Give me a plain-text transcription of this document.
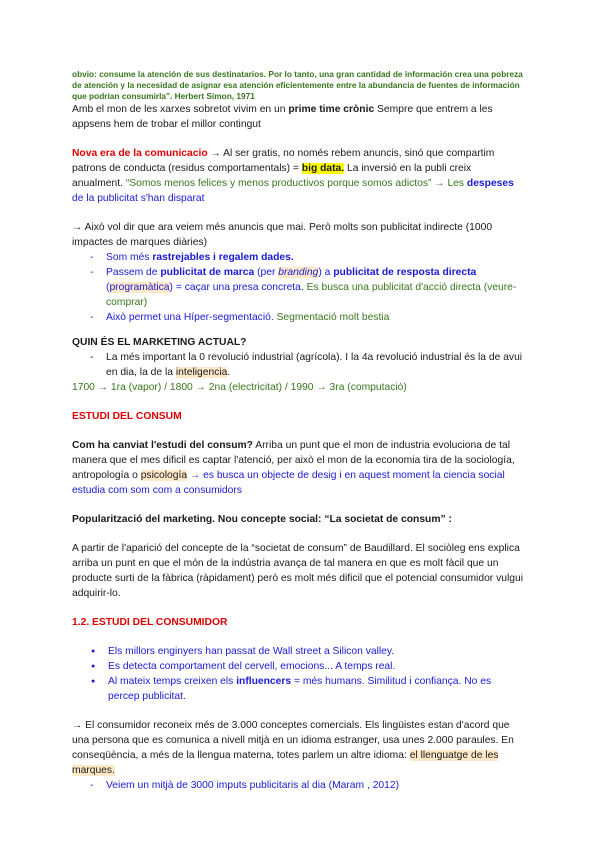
obvio: consume la atención de sus destinatarios. Por lo tanto, una gran cantidad de información crea una pobreza de atención y la necesidad de asignar esa atención eficientemente entre la abundancia de fuentes de información que podrían consumirla". Herbert Simon, 1971

Amb el mon de les xarxes sobretot vivim en un prime time crònic Sempre que entrem a les appsens hem de trobar el millor contingut

Nova era de la comunicacio → Al ser gratis, no només rebem anuncis, sinó que compartim patrons de conducta (residus comportamentals) = big data. La inversió en la publi creix anualment. “Somos menos felices y menos productivos porque somos adictos” → Les despeses de la publicitat s'han disparat

→ Això vol dir que ara veiem més anuncis que mai. Però molts son publicitat indirecte (1000 impactes de marques diàries)

- Som més rastrejables i regalem dades.
- Passem de publicitat de marca (per branding) a publicitat de resposta directa (programàtica) = caçar una presa concreta. Es busca una publicitat d'acció directa (veure-comprar)
- Això permet una Híper-segmentació. Segmentació molt bestia

QUIN ÉS EL MARKETING ACTUAL?

- La més important la 0 revolució industrial (agrícola). I la 4a revolució industrial és la de avui en dia, la de la inteligencia.

1700 → 1ra (vapor) / 1800 → 2na (electricitat) / 1990 → 3ra (computació)

ESTUDI DEL CONSUM

Com ha canviat l'estudi del consum? Arriba un punt que el mon de industria evoluciona de tal manera que el mes dificil es captar l'atenció, per això el mon de la economia tira de la sociología, antropología o psicología → es busca un objecte de desig i en aquest moment la ciencia social estudia com som com a consumidors

Popularització del marketing. Nou concepte social: “La societat de consum” :

A partir de l'aparició del concepte de la “societat de consum” de Baudillard. El sociòleg ens explica arriba un punt en que el món de la indústria avança de tal manera en que es molt fàcil que un producte surti de la fàbrica (ràpidament) però es molt més dificil que el potencial consumidor vulgui adquirir-lo.

1.2. ESTUDI DEL CONSUMIDOR

● Els millors enginyers han passat de Wall street a Silicon valley.
● Es detecta comportament del cervell, emocions... A temps real.
● Al mateix temps creixen els influencers = més humans. Similitud i confiança. No es percep publicitat.

→ El consumidor reconeix més de 3.000 conceptes comercials. Els lingüistes estan d'acord que una persona que es comunica a nivell mitjà en un idioma estranger, usa unes 2.000 paraules. En conseqüència, a més de la llengua materna, totes parlem un altre idioma: el llenguatge de les marques.

- Veiem un mitjà de 3000 imputs publicitaris al dia (Maram , 2012)
